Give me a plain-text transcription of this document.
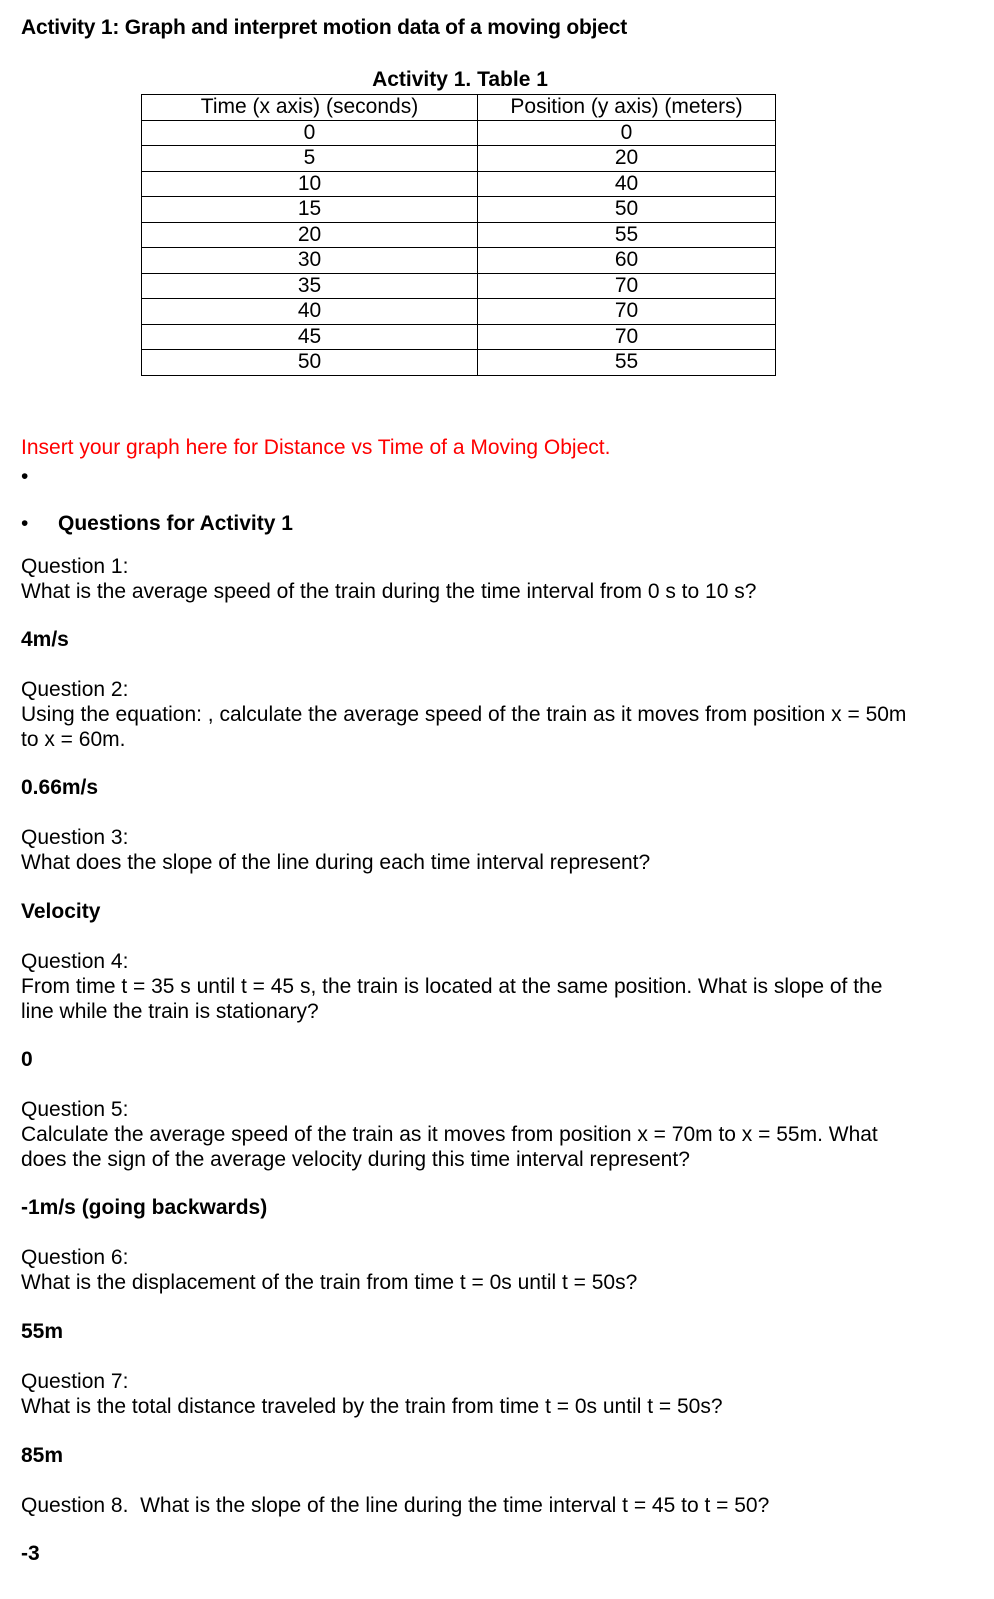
Activity 1: Graph and interpret motion data of a moving object
Activity 1. Table 1
Time (x axis) (seconds)	Position (y axis) (meters)
0	0
5	20
10	40
15	50
20	55
30	60
35	70
40	70
45	70
50	55
Insert your graph here for Distance vs Time of a Moving Object.
•
• Questions for Activity 1
Question 1:
What is the average speed of the train during the time interval from 0 s to 10 s?
4m/s
Question 2:
Using the equation: , calculate the average speed of the train as it moves from position x = 50m to x = 60m.
0.66m/s
Question 3:
What does the slope of the line during each time interval represent?
Velocity
Question 4:
From time t = 35 s until t = 45 s, the train is located at the same position. What is slope of the line while the train is stationary?
0
Question 5:
Calculate the average speed of the train as it moves from position x = 70m to x = 55m. What does the sign of the average velocity during this time interval represent?
-1m/s (going backwards)
Question 6:
What is the displacement of the train from time t = 0s until t = 50s?
55m
Question 7:
What is the total distance traveled by the train from time t = 0s until t = 50s?
85m
Question 8. What is the slope of the line during the time interval t = 45 to t = 50?
-3
